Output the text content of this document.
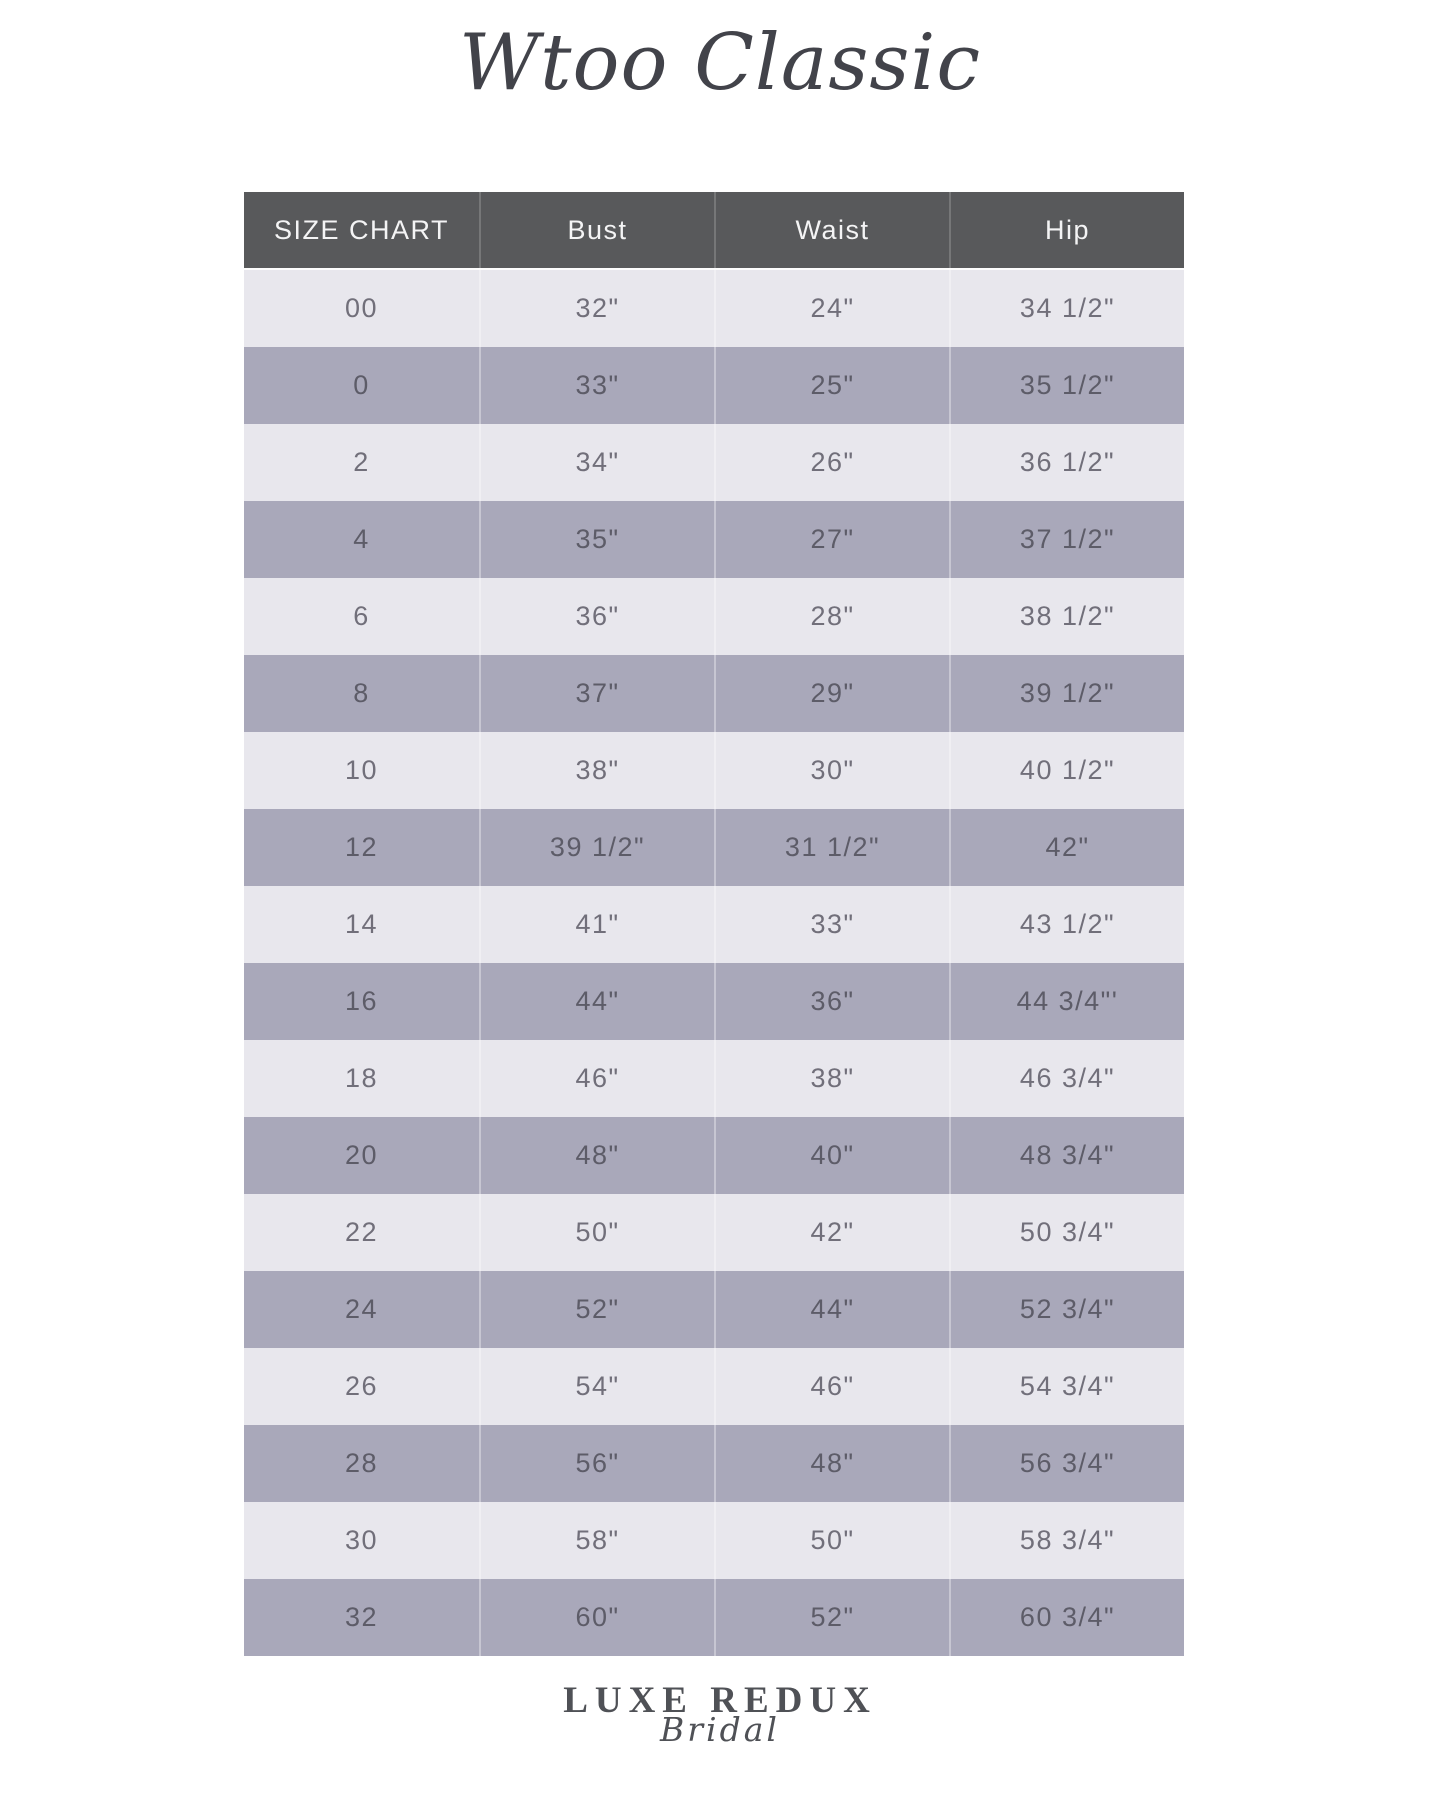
Wtoo Classic
SIZE CHART	Bust	Waist	Hip
00	32"	24"	34 1/2"
0	33"	25"	35 1/2"
2	34"	26"	36 1/2"
4	35"	27"	37 1/2"
6	36"	28"	38 1/2"
8	37"	29"	39 1/2"
10	38"	30"	40 1/2"
12	39 1/2"	31 1/2"	42"
14	41"	33"	43 1/2"
16	44"	36"	44 3/4"'
18	46"	38"	46 3/4"
20	48"	40"	48 3/4"
22	50"	42"	50 3/4"
24	52"	44"	52 3/4"
26	54"	46"	54 3/4"
28	56"	48"	56 3/4"
30	58"	50"	58 3/4"
32	60"	52"	60 3/4"
LUXE REDUX
Bridal
